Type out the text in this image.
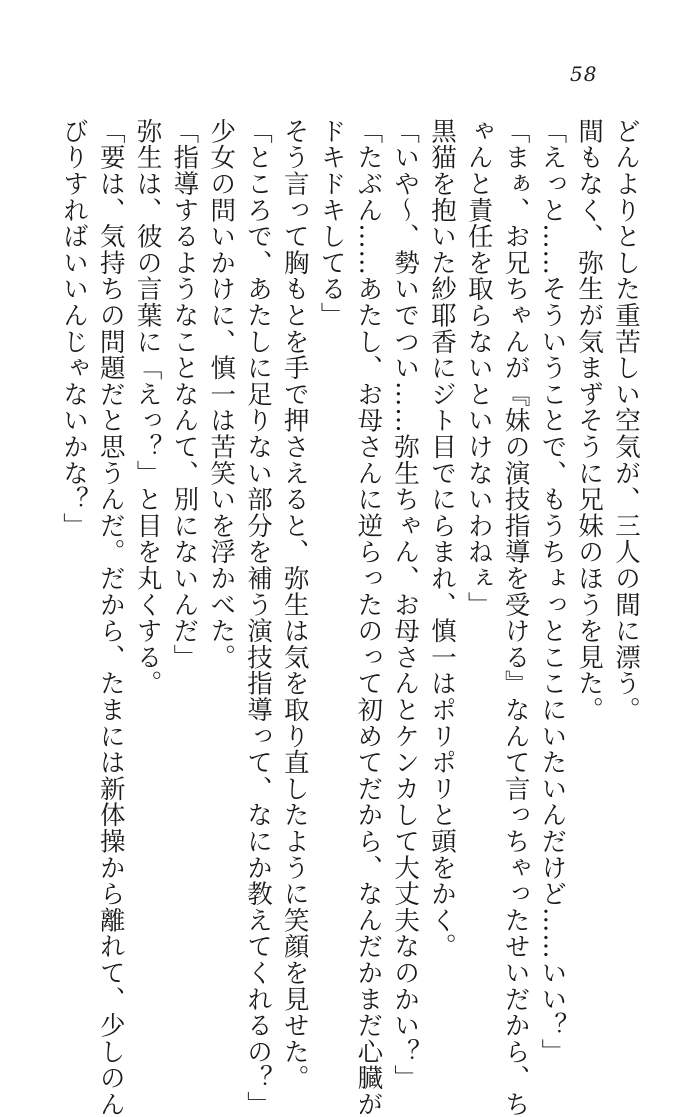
58
どんよりとした重苦しい空気が、三人の間に漂う。
間もなく、弥生が気まずそうに兄妹のほうを見た。
「えっと……そういうことで、もうちょっとここにいたいんだけど……いい？」
「まぁ、お兄ちゃんが『妹の演技指導を受ける』なんて言っちゃったせいだから、ち
ゃんと責任を取らないといけないわねぇ」
黒猫を抱いた紗耶香にジト目でにらまれ、慎一はポリポリと頭をかく。
「いや〜、勢いでつい……弥生ちゃん、お母さんとケンカして大丈夫なのかい？」
「たぶん……あたし、お母さんに逆らったのって初めてだから、なんだかまだ心臓が
ドキドキしてる」
そう言って胸もとを手で押さえると、弥生は気を取り直したように笑顔を見せた。
「ところで、あたしに足りない部分を補う演技指導って、なにか教えてくれるの？」
少女の問いかけに、慎一は苦笑いを浮かべた。
「指導するようなことなんて、別にないんだ」
弥生は、彼の言葉に「えっ？」と目を丸くする。
「要は、気持ちの問題だと思うんだ。だから、たまには新体操から離れて、少しのん
びりすればいいんじゃないかな？」
